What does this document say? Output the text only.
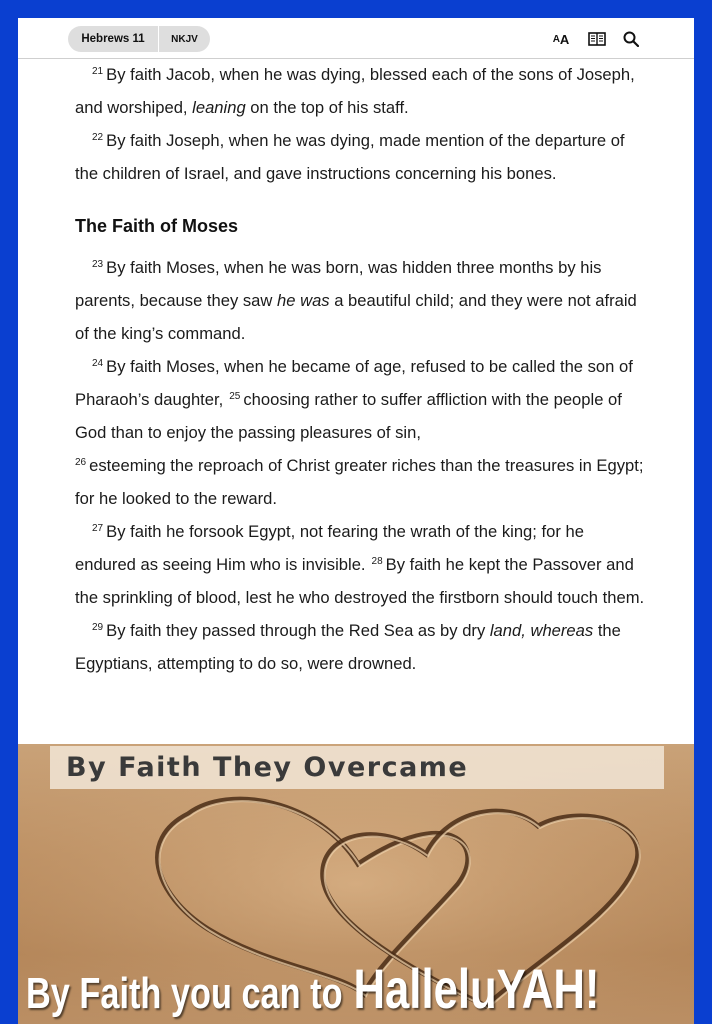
Hebrews 11	NKJV	A A

$^{21}$ By faith Jacob, when he was dying, blessed each of the sons of Joseph, and worshiped, leaning on the top of his staff.

$^{22}$ By faith Joseph, when he was dying, made mention of the departure of the children of Israel, and gave instructions concerning his bones.

The Faith of Moses

$^{23}$ By faith Moses, when he was born, was hidden three months by his parents, because they saw he was a beautiful child; and they were not afraid of the king’s command.

$^{24}$ By faith Moses, when he became of age, refused to be called the son of Pharaoh’s daughter, $^{25}$ choosing rather to suffer affliction with the people of God than to enjoy the passing pleasures of sin,
$^{26}$ esteeming the reproach of Christ greater riches than the treasures in Egypt; for he looked to the reward.

$^{27}$ By faith he forsook Egypt, not fearing the wrath of the king; for he endured as seeing Him who is invisible. $^{28}$ By faith he kept the Passover and the sprinkling of blood, lest he who destroyed the firstborn should touch them.

$^{29}$ By faith they passed through the Red Sea as by dry land, whereas the Egyptians, attempting to do so, were drowned.

By Faith They Overcame
By Faith you can to HalleluYAH!
